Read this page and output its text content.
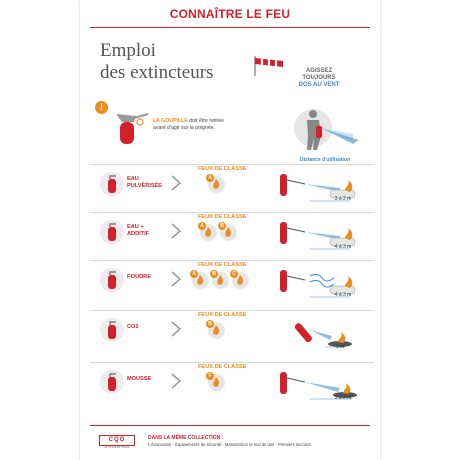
CONNAÎTRE LE FEU
Emploi
des extincteurs	AGISSEZ
TOUJOURS
DOS AU VENT
!
LA GOUPILLE doit être retirée
avant d'agir sur la poignée.
Distance d'utilisation
EAU
PULVÉRISÉE
FEUX DE CLASSE
A
3 à 2 m
EAU +
ADDITIF
FEUX DE CLASSE
A	B
4 à 3 m
POUDRE
FEUX DE CLASSE
A	B	C
4 à 3 m
CO2
FEUX DE CLASSE
B
1 m
MOUSSE
FEUX DE CLASSE
F
3 à 2 m
CQO
la sécurité facile
DANS LA MÊME COLLECTION :
L'évacuation · Équipements de sécurité · Manutention et mal de dos · Premiers secours.
